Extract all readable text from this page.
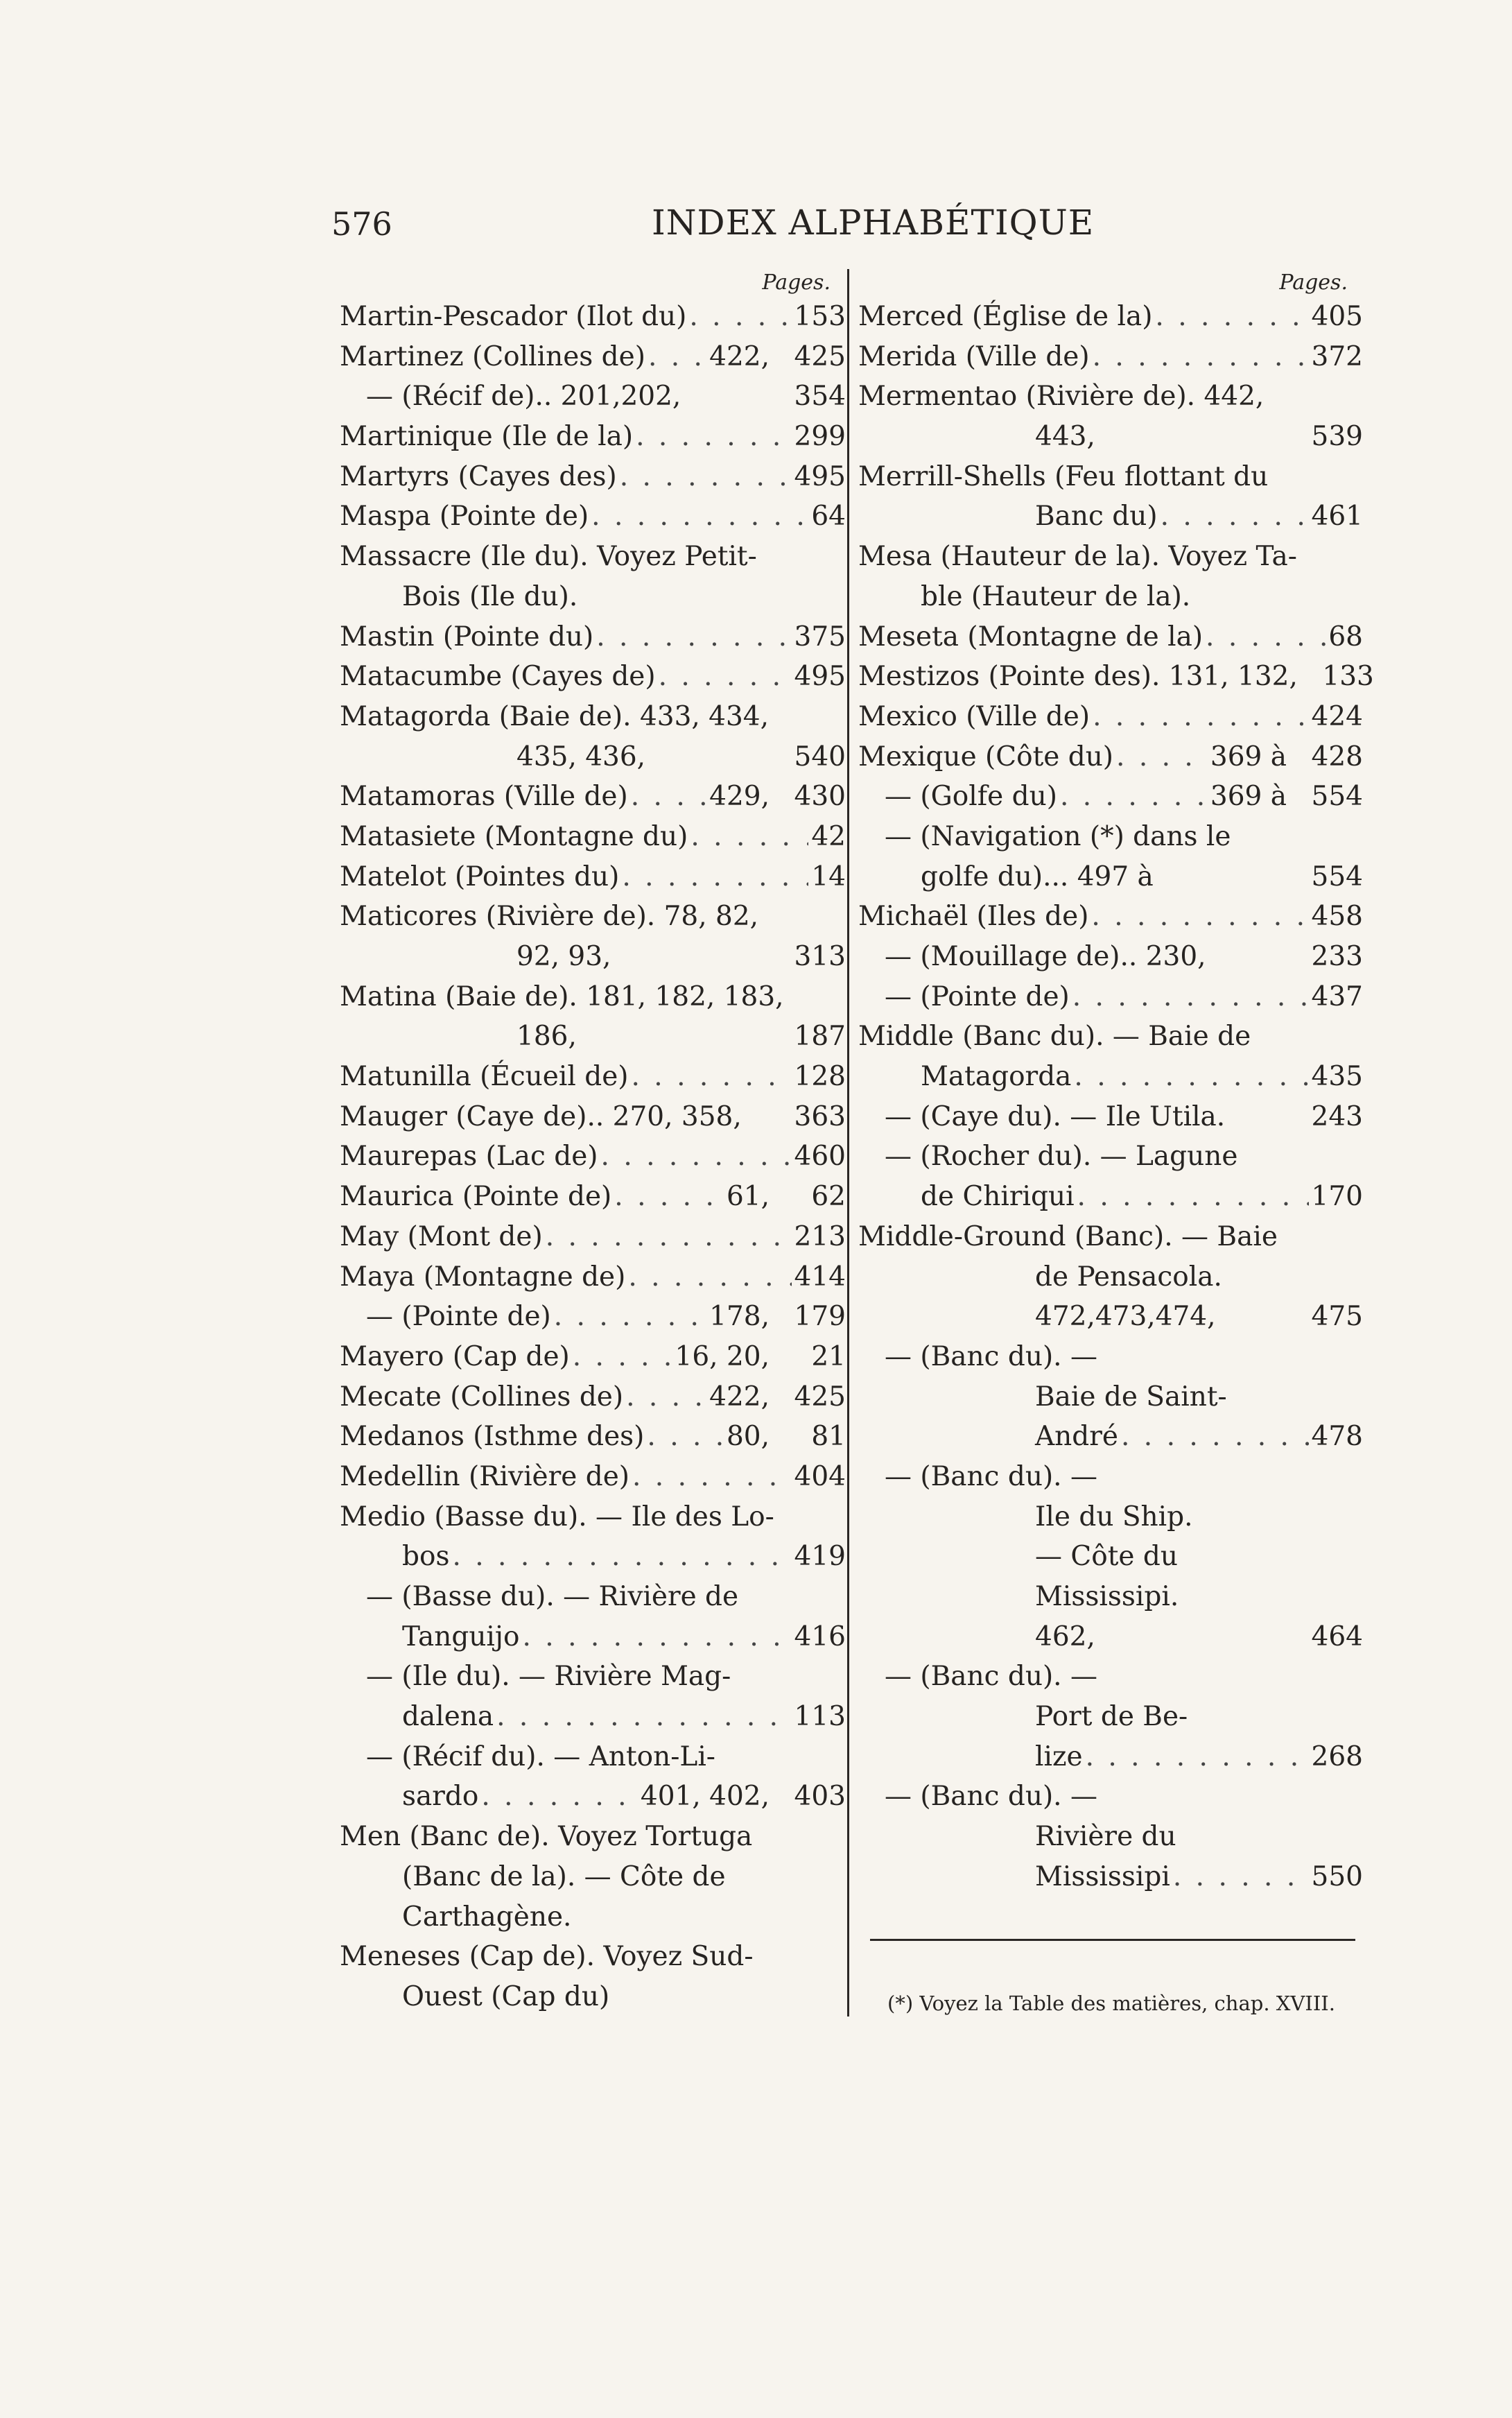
576	INDEX ALPHABÉTIQUE
Pages.
Martin-Pescador (Ilot du) . . .	153
Martinez (Collines de) . . . 422, 425
— (Récif de).. 201,202,	354
Martinique (Ile de la) . . .	299
Martyrs (Cayes des) . . .	495
Maspa (Pointe de) . . .	64
Massacre (Ile du). Voyez Petit-
Bois (Ile du).
Mastin (Pointe du) . . .	375
Matacumbe (Cayes de) . . .	495
Matagorda (Baie de). 433, 434,
435, 436,	540
Matamoras (Ville de) . . .	429, 430
Matasiete (Montagne du) . . .	42
Matelot (Pointes du) . . .	14
Maticores (Rivière de). 78, 82,
92, 93,	313
Matina (Baie de). 181, 182, 183,
186,	187
Matunilla (Écueil de) . . .	128
Mauger (Caye de).. 270, 358,	363
Maurepas (Lac de) . . .	460
Maurica (Pointe de) . . .	61,	62
May (Mont de) . . .	213
Maya (Montagne de) . . .	414
— (Pointe de) . . .	178, 179
Mayero (Cap de) . . .	16, 20,	21
Mecate (Collines de) . . .	422, 425
Medanos (Isthme des) . . .	80,	81
Medellin (Rivière de) . . .	404
Medio (Basse du). — Ile des Lo-
bos . . .	419
— (Basse du). — Rivière de
Tanguijo . . .	416
— (Ile du). — Rivière Mag-
dalena . . .	113
— (Récif du). — Anton-Li-
sardo . . .	401, 402, 403
Men (Banc de). Voyez Tortuga
(Banc de la). — Côte de
Carthagène.
Meneses (Cap de). Voyez Sud-
Ouest (Cap du)
Pages.
Merced (Église de la) . . .	405
Merida (Ville de) . . .	372
Mermentao (Rivière de). 442,
443,	539
Merrill-Shells (Feu flottant du
Banc du) . . .	461
Mesa (Hauteur de la). Voyez Ta-
ble (Hauteur de la).
Meseta (Montagne de la) . . .	68
Mestizos (Pointe des). 131, 132, 133
Mexico (Ville de) . . .	424
Mexique (Côte du) . . .	369 à 428
— (Golfe du) . . .	369 à 554
— (Navigation (*) dans le
golfe du)... 497 à	554
Michaël (Iles de) . . .	458
— (Mouillage de).. 230,	233
— (Pointe de) . . .	437
Middle (Banc du). — Baie de
Matagorda . . .	435
— (Caye du). — Ile Utila.	243
— (Rocher du). — Lagune
de Chiriqui . . .	170
Middle-Ground (Banc). — Baie
de Pensacola.
472,473,474,	475
— (Banc du). —
Baie de Saint-
André . . .	478
— (Banc du). —
Ile du Ship.
— Côte du
Mississipi.
462,	464
— (Banc du). —
Port de Be-
lize . . .	268
— (Banc du). —
Rivière du
Mississipi . . .	550
(*) Voyez la Table des matières, chap. XVIII.
